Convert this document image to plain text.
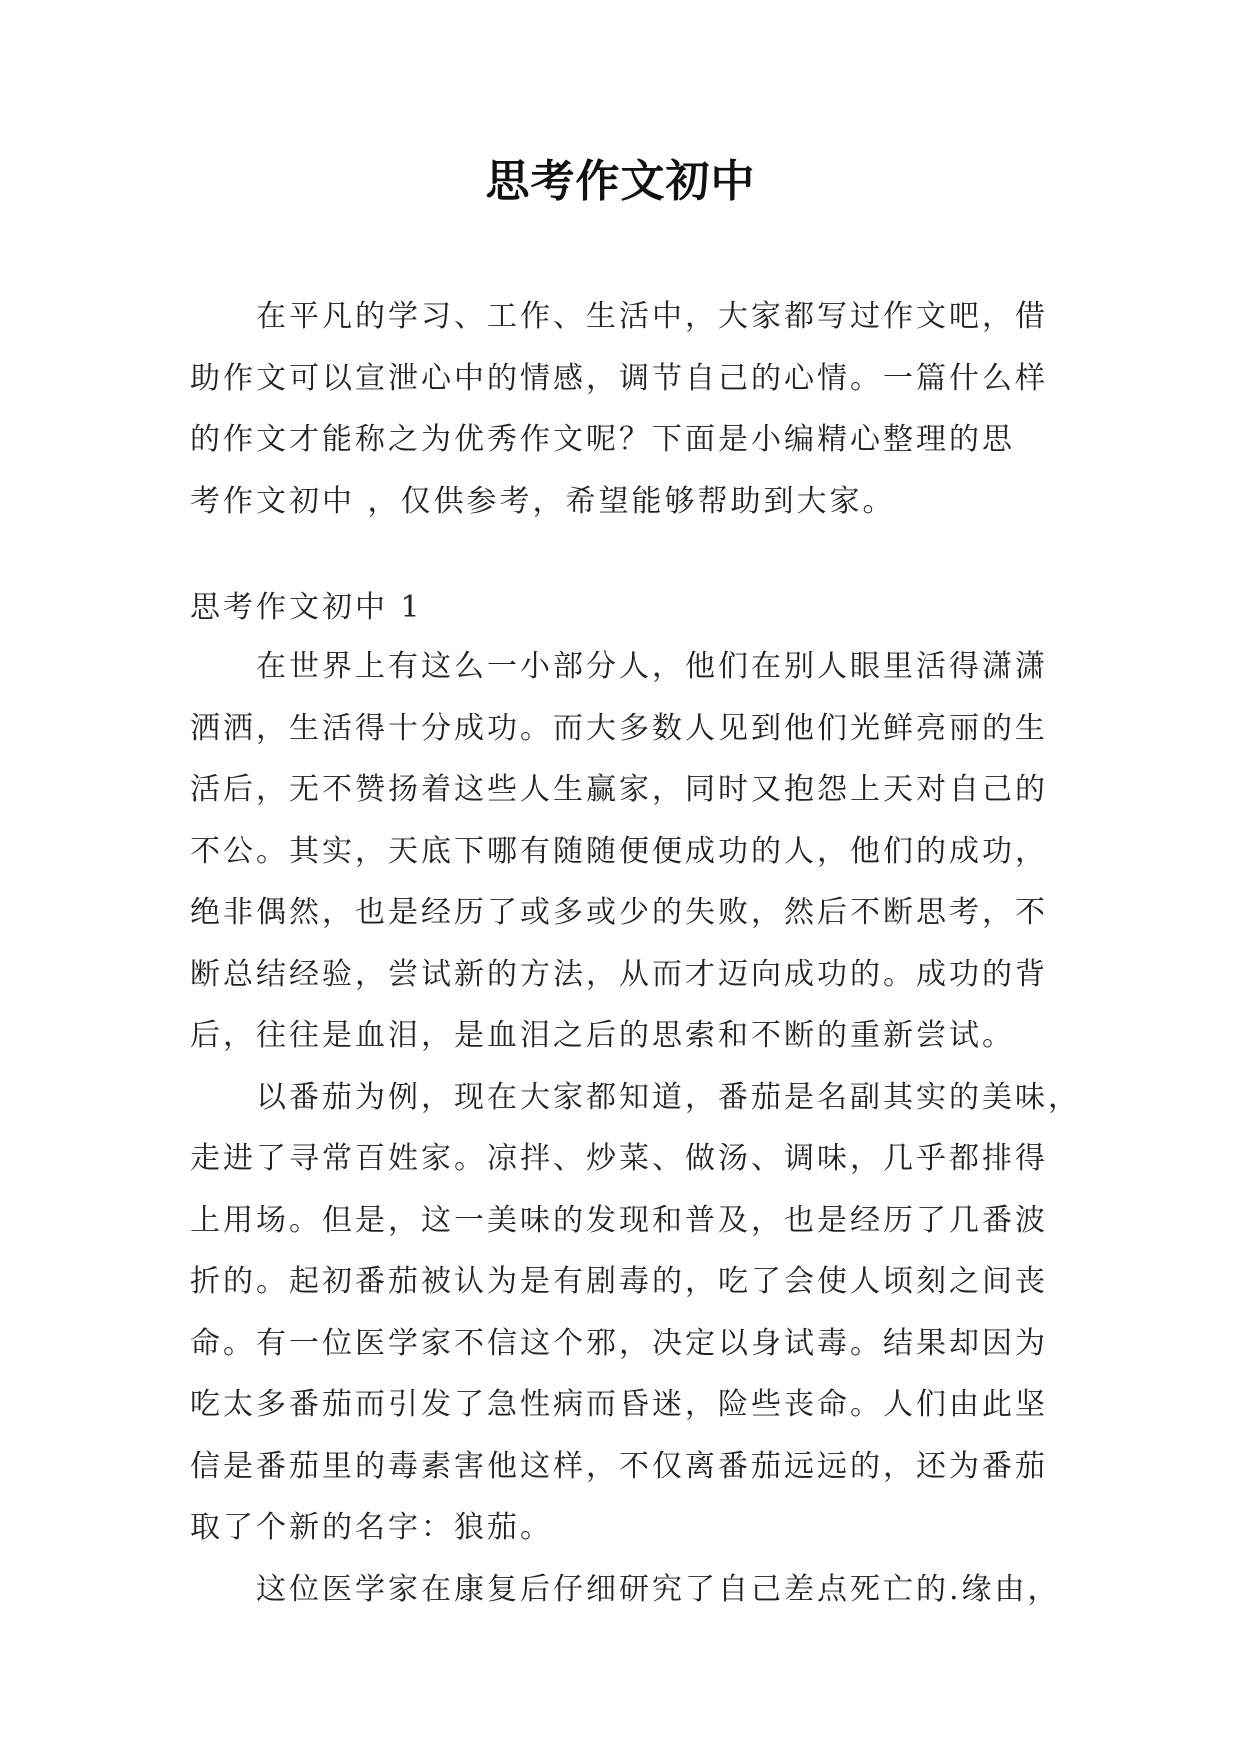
思考作文初中
在平凡的学习、工作、生活中，大家都写过作文吧，借
助作文可以宣泄心中的情感，调节自己的心情。一篇什么样
的作文才能称之为优秀作文呢？下面是小编精心整理的思
考作文初中 ，仅供参考，希望能够帮助到大家。
思考作文初中 1
在世界上有这么一小部分人，他们在别人眼里活得潇潇
洒洒，生活得十分成功。而大多数人见到他们光鲜亮丽的生
活后，无不赞扬着这些人生赢家，同时又抱怨上天对自己的
不公。其实，天底下哪有随随便便成功的人，他们的成功，
绝非偶然，也是经历了或多或少的失败，然后不断思考，不
断总结经验，尝试新的方法，从而才迈向成功的。成功的背
后，往往是血泪，是血泪之后的思索和不断的重新尝试。
以番茄为例，现在大家都知道，番茄是名副其实的美味，
走进了寻常百姓家。凉拌、炒菜、做汤、调味，几乎都排得
上用场。但是，这一美味的发现和普及，也是经历了几番波
折的。起初番茄被认为是有剧毒的，吃了会使人顷刻之间丧
命。有一位医学家不信这个邪，决定以身试毒。结果却因为
吃太多番茄而引发了急性病而昏迷，险些丧命。人们由此坚
信是番茄里的毒素害他这样，不仅离番茄远远的，还为番茄
取了个新的名字：狼茄。
这位医学家在康复后仔细研究了自己差点死亡的.缘由，
